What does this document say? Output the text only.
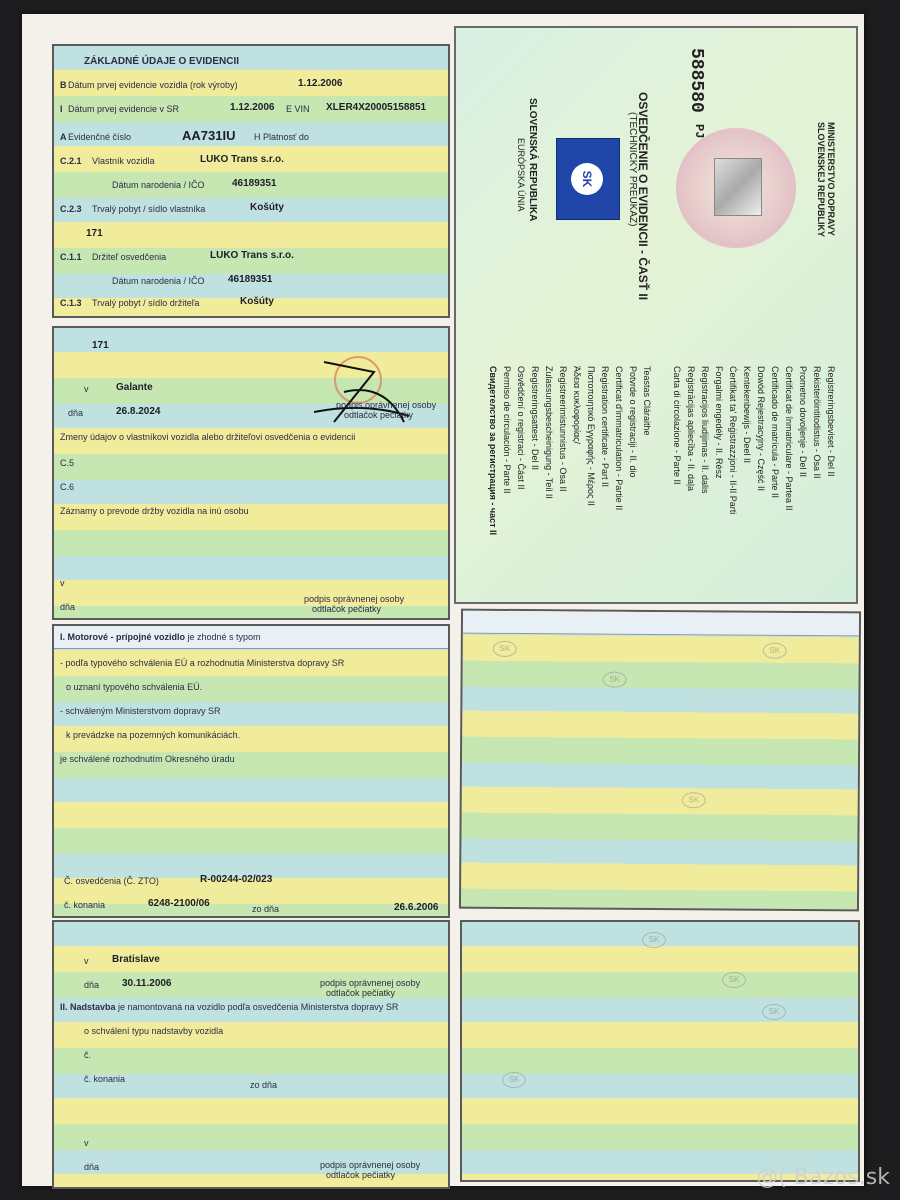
ZÁKLADNÉ ÚDAJE O EVIDENCII
B Dátum prvej evidencie vozidla (rok výroby)	1.12.2006
I Dátum prvej evidencie v SR	1.12.2006 E VIN XLER4X20005158851
A Evidenčné číslo	AA731IU H Platnosť do
C.2.1 Vlastník vozidla	LUKO Trans s.r.o.
Dátum narodenia / IČO	46189351
C.2.3 Trvalý pobyt / sídlo vlastníka	Košúty
171
C.1.1 Držiteľ osvedčenia	LUKO Trans s.r.o.
Dátum narodenia / IČO 46189351
C.1.3 Trvalý pobyt / sídlo držiteľa	Košúty
171
v	Galante
dňa	26.8.2024
podpis oprávnenej osoby
odtlačok pečiatky
Zmeny údajov o vlastníkovi vozidla alebo držiteľovi osvedčenia o evidencii
C.5
C.6
Záznamy o prevode držby vozidla na inú osobu
v
dňa
podpis oprávnenej osoby
odtlačok pečiatky
I. Motorové - prípojné vozidlo je zhodné s typom
- podľa typového schválenia EÚ a rozhodnutia Ministerstva dopravy SR
o uznaní typového schválenia EÚ.
- schváleným Ministerstvom dopravy SR
k prevádzke na pozemných komunikáciách.
je schválené rozhodnutím Okresného úradu
Č. osvedčenia (Č. ZTO)	R-00244-02/023
č. konania	6248-2100/06	zo dňa	26.6.2006
v Bratislave
dňa 30.11.2006	podpis oprávnenej osoby
odtlačok pečiatky
II. Nadstavba je namontovaná na vozidlo podľa osvedčenia Ministerstva dopravy SR
o schválení typu nadstavby vozidla
č.
č. konania
zo dňa
v
dňa	podpis oprávnenej osoby
odtlačok pečiatky
SK
SK
SK
SK
SK
SK
SK
SK
588580
PJ
EURÓPSKA ÚNIA SLOVENSKÁ REPUBLIKA	SK	OSVEDČENIE O EVIDENCII - ČASŤ II
(TECHNICKÝ PREUKAZ)	MINISTERSTVO DOPRAVY
SLOVENSKEJ REPUBLIKY
Свидетелство за регистрация - част II Permiso de circulación - Parte II Osvědčení o registraci - Část II Registreringsattest - Del II Zulassungsbescheinigung - Teil II Registreerimistunnistus - Osa II Άδεια κυκλοφορίας/ Πιστοποιητικό Εγγραφής - Μέρος II Registration certificate - Part II Certificat d'immatriculation - Partie II Potvrde o registraciji - II. dio Teastas Cláraithe Carta di circolazione - Parte II Reģistrācijas apliecība - II. daļa Registracijos liudijimas - II. dalis Forgalmi engedély - II. Rész Ċertifikat ta' Reġistrazzjoni - II-II Parti Kentekenbewijs - Deel II Dowód Rejestracyjny - Część II Certificado de matrícula - Parte II Certificat de înmatriculare - Partea II Prometno dovoljenje - Del II Rekisteröintitodistus - Osa II Registreringsbeviset - Del II
@( Bazos.sk
